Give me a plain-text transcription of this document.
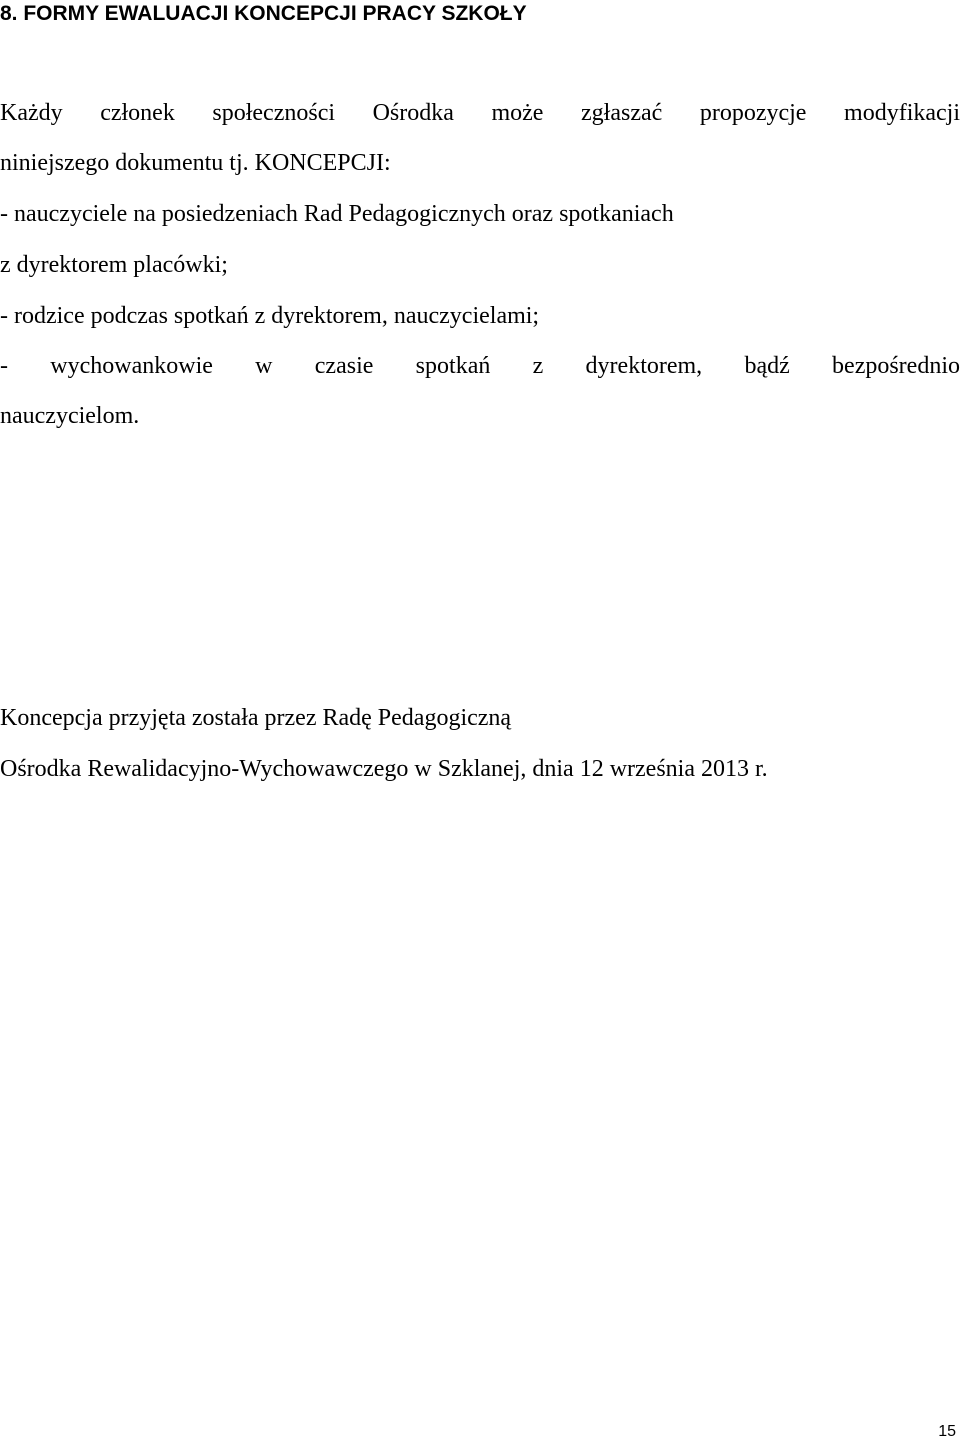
8. FORMY EWALUACJI KONCEPCJI PRACY SZKOŁY
Każdy członek społeczności Ośrodka może zgłaszać propozycje modyfikacji
niniejszego dokumentu tj. KONCEPCJI:
- nauczyciele na posiedzeniach Rad Pedagogicznych oraz spotkaniach
z dyrektorem placówki;
- rodzice podczas spotkań z dyrektorem, nauczycielami;
- wychowankowie w czasie spotkań z dyrektorem, bądź bezpośrednio
nauczycielom.
Koncepcja przyjęta została przez Radę Pedagogiczną
Ośrodka Rewalidacyjno-Wychowawczego w Szklanej, dnia 12 września 2013 r.
15
